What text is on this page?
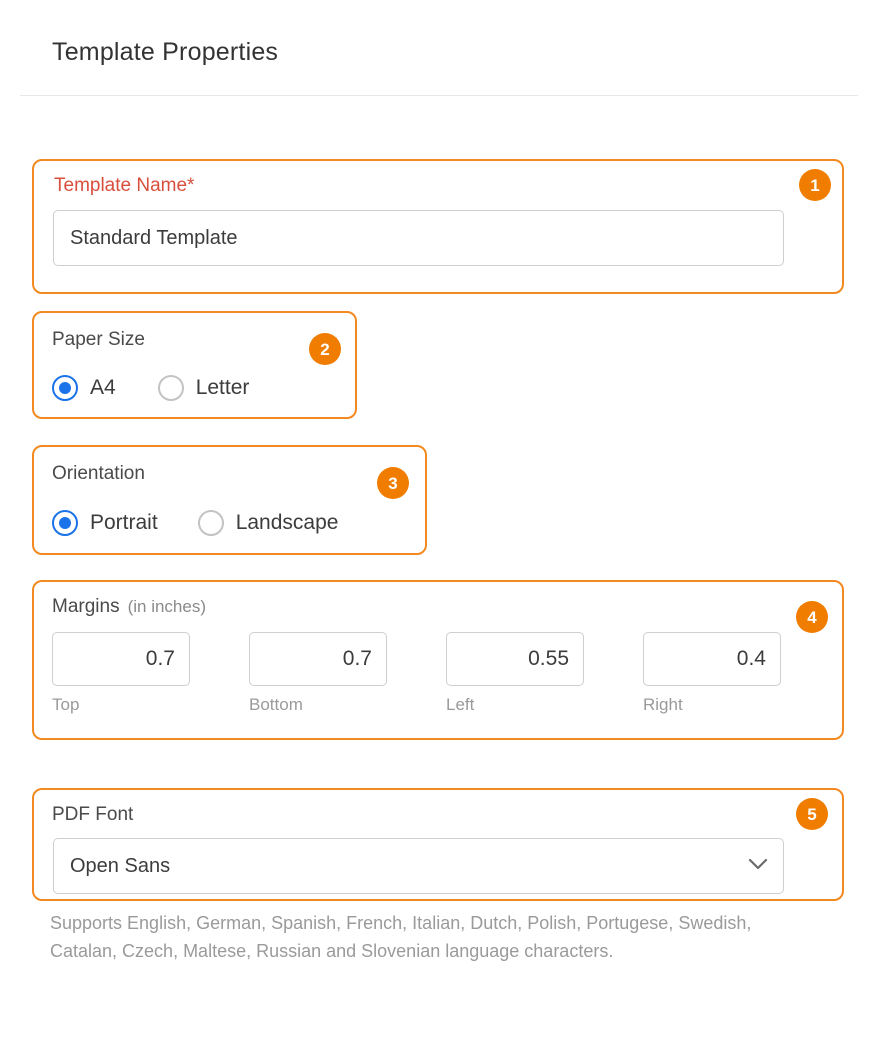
Template Properties
Template Name*
Standard Template	1
Paper Size
A4	Letter
2
Orientation
Portrait	Landscape
3
Margins (in inches)
0.7
Top
0.7	Bottom
0.55	Left
0.4	Right
4
PDF Font
Open Sans
5
Supports English, German, Spanish, French, Italian, Dutch, Polish, Portugese, Swedish, Catalan, Czech, Maltese, Russian and Slovenian language characters.
